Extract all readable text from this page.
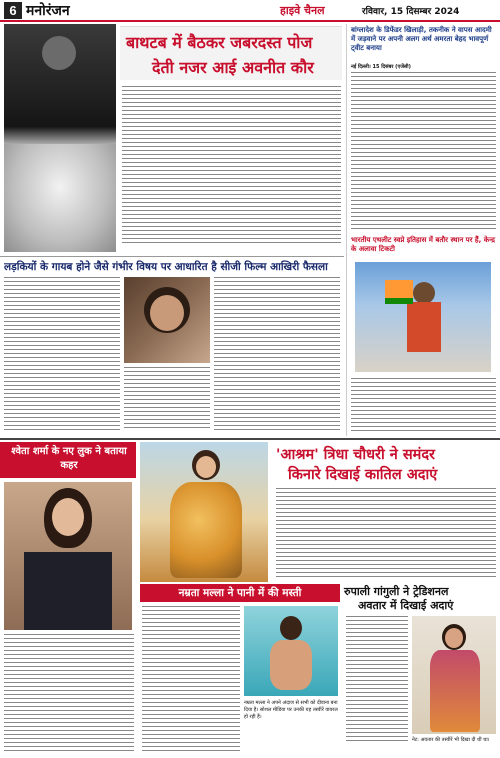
6 मनोरंजन	हाइवे चैनल	रविवार, 15 दिसम्बर 2024
बाथटब में बैठकर जबरदस्त पोज
देती नजर आई अवनीत कौर
बांग्लादेश के डिफेंडर खिलाड़ी, तकनीक ने वापस आदमी में जड़वाने पर अपनी अलग अर्थ अमरता बेहद भावपूर्ण ट्वीट बनाया
नई दिल्ली। 15 दिसंबर (एजेंसी)
भारतीय एथलीट स्वप्ने इतिहास में बतौर स्थान पर हैं, केन्द्र के अलावा टिकटी
लड़कियों के गायब होने जैसे गंभीर विषय पर आधारित है सीजी फिल्म आखिरी फैसला
श्वेता शर्मा के नए लुक ने बताया कहर
'आश्रम' त्रिधा चौधरी ने समंदर
किनारे दिखाई कातिल अदाएं
नम्रता मल्ला ने पानी में की मस्ती
नम्रता मल्ला ने अपने अंदाज से सभी को दीवाना बना दिया है। सोशल मीडिया पर उनकी यह तस्वीरें वायरल हो रही हैं।
रुपाली गांगुली ने ट्रेडिशनल
अवतार में दिखाई अदाएं
नेट: अवतार की तस्वीरें भी दिखा दी थीं था।
